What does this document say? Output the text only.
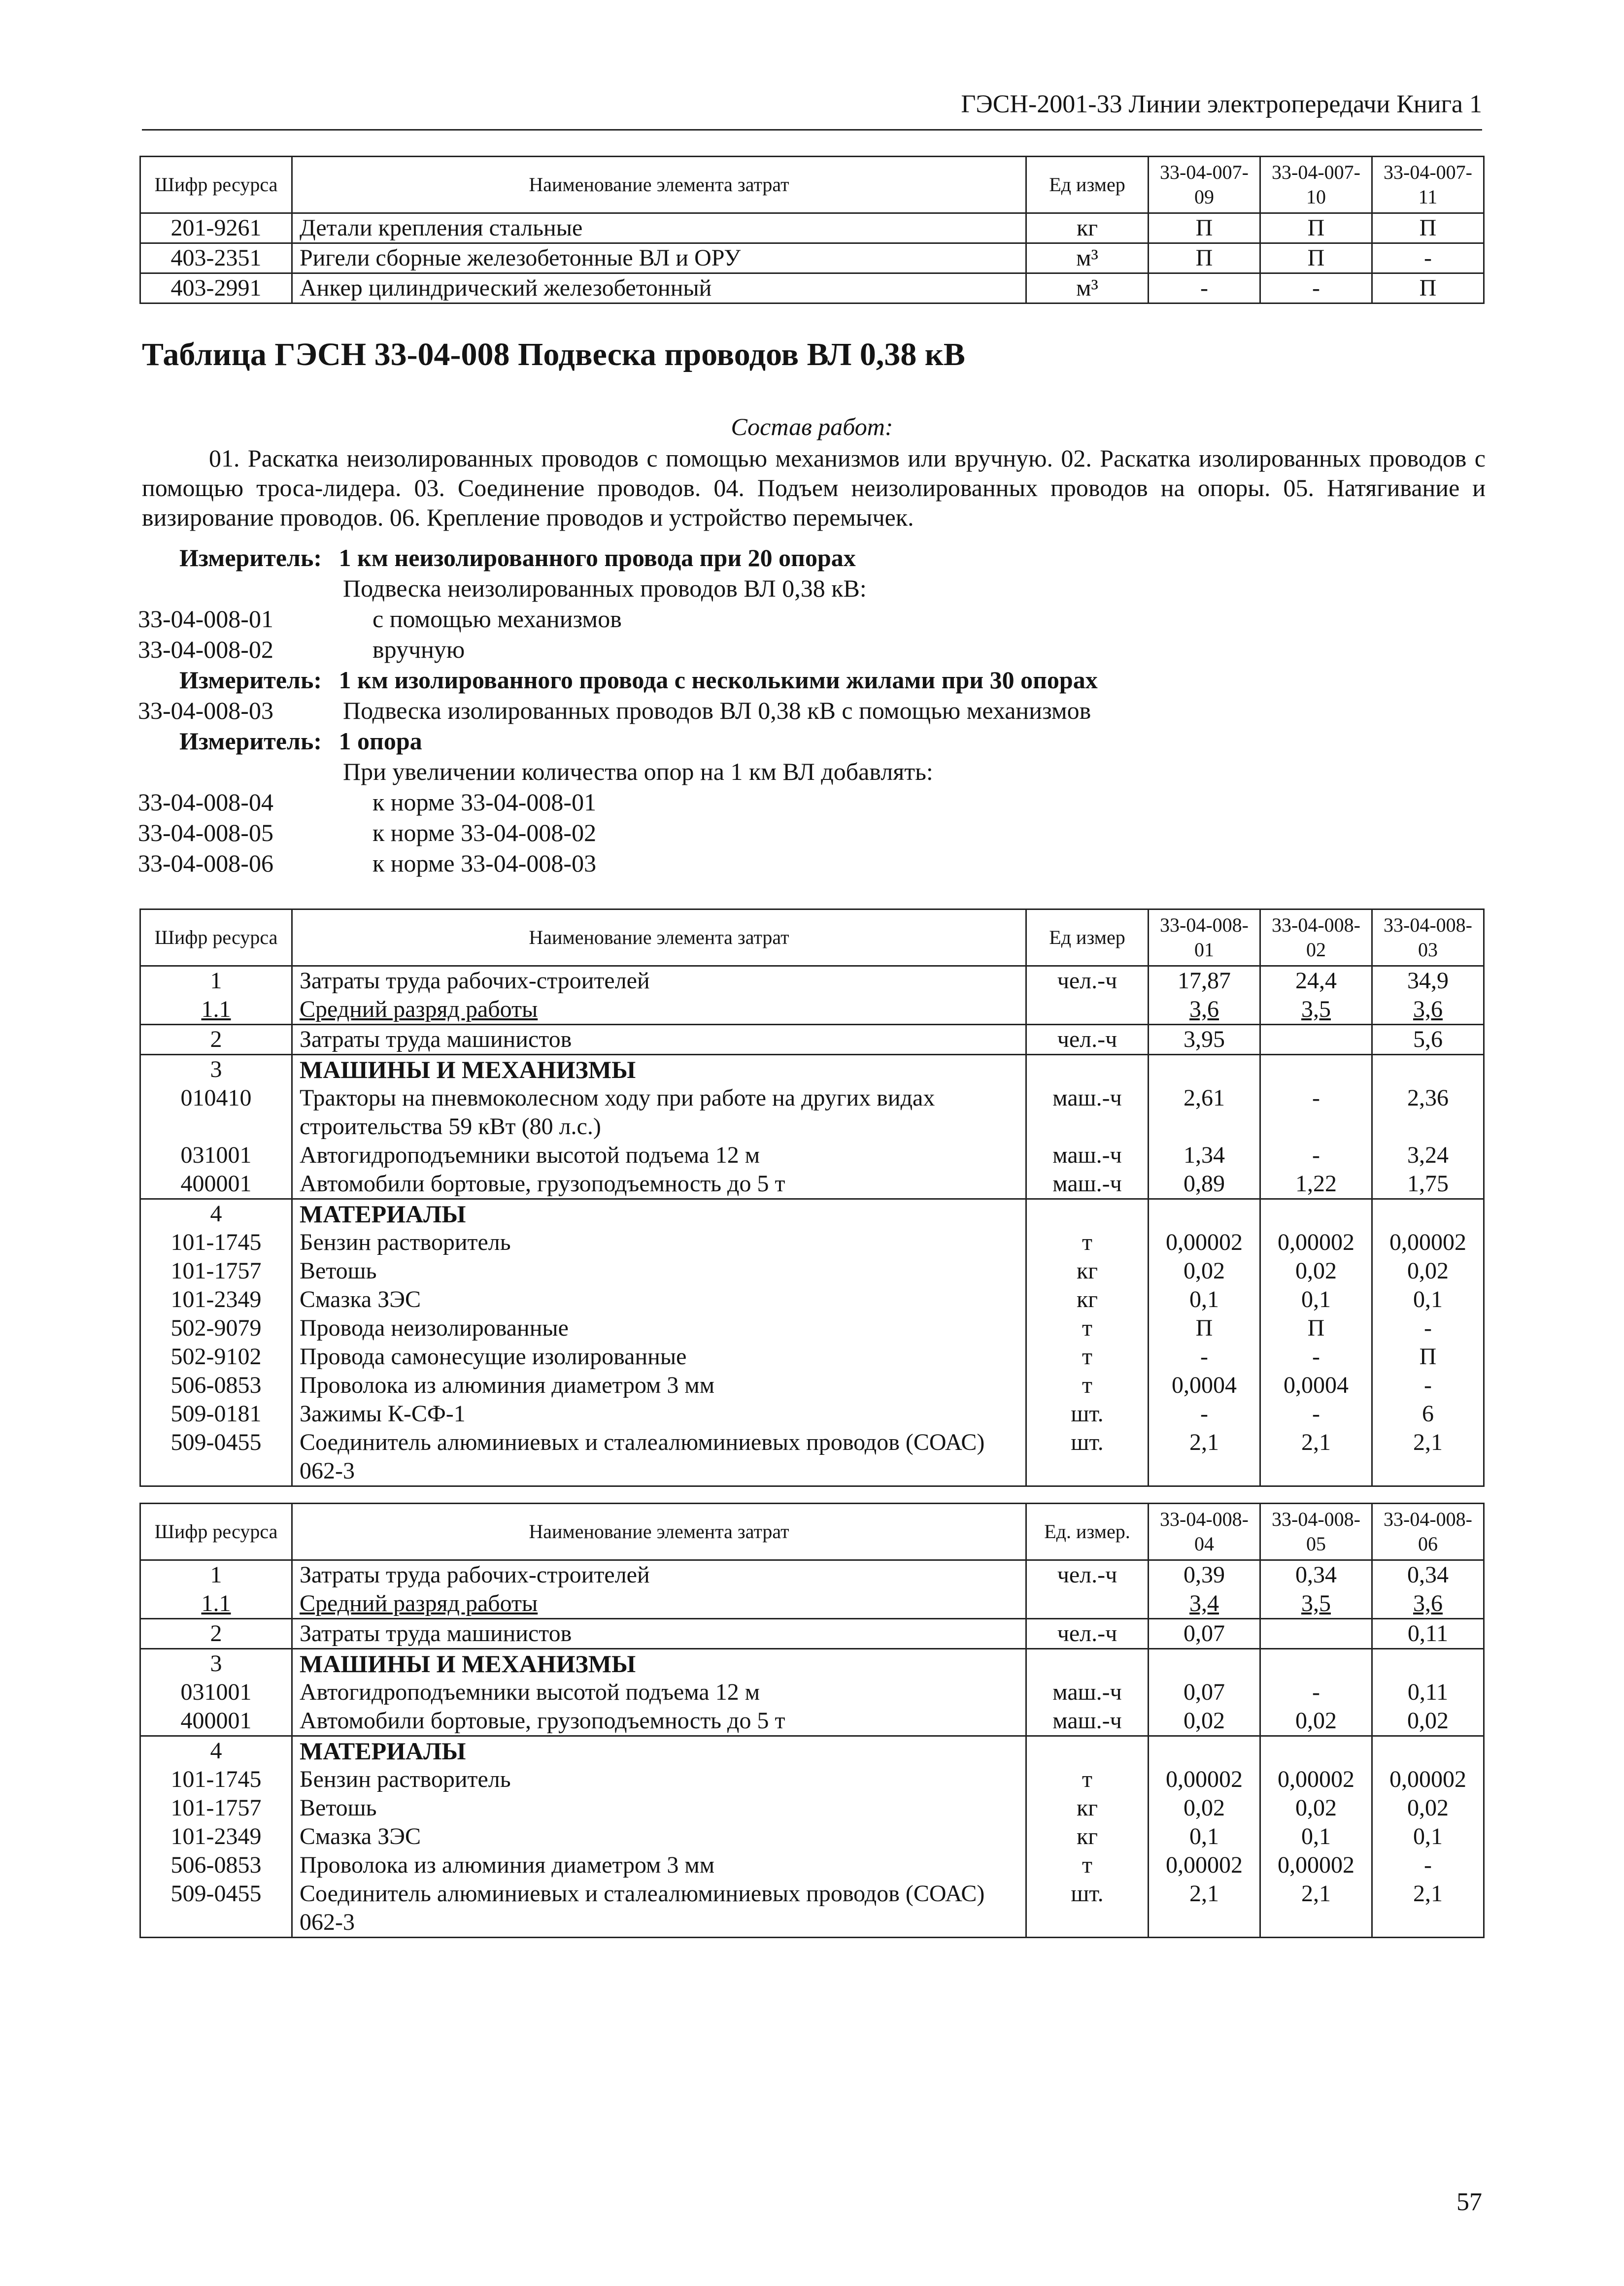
ГЭСН-2001-33 Линии электропередачи Книга 1
Шифр ресурса	Наименование элемента затрат	Ед измер	33-04-007-09	33-04-007-10	33-04-007-11
201-9261	Детали крепления стальные	кг	П	П	П
403-2351	Ригели сборные железобетонные ВЛ и ОРУ	м³	П	П	-
403-2991	Анкер цилиндрический железобетонный	м³	-	-	П
Таблица ГЭСН 33-04-008 Подвеска проводов ВЛ 0,38 кВ
Состав работ:

01. Раскатка неизолированных проводов с помощью механизмов или вручную. 02. Раскатка изолированных проводов с помощью троса-лидера. 03. Соединение проводов. 04. Подъем неизолированных проводов на опоры. 05. Натягивание и визирование проводов. 06. Крепление проводов и устройство перемычек.

Измеритель: 1 км неизолированного провода при 20 опорах
Подвеска неизолированных проводов ВЛ 0,38 кВ:
33-04-008-01	с помощью механизмов
33-04-008-02	вручную
Измеритель: 1 км изолированного провода с несколькими жилами при 30 опорах
33-04-008-03	Подвеска изолированных проводов ВЛ 0,38 кВ с помощью механизмов
Измеритель: 1 опора
При увеличении количества опор на 1 км ВЛ добавлять:
33-04-008-04	к норме 33-04-008-01
33-04-008-05	к норме 33-04-008-02
33-04-008-06	к норме 33-04-008-03
Шифр ресурса	Наименование элемента затрат	Ед измер	33-04-008-01	33-04-008-02	33-04-008-03
1	Затраты труда рабочих-строителей	чел.-ч	17,87	24,4	34,9
1.1	Средний разряд работы		3,6	3,5	3,6
2	Затраты труда машинистов	чел.-ч	3,95		5,6
3	МАШИНЫ И МЕХАНИЗМЫ				
010410	Тракторы на пневмоколесном ходу при работе на других видах строительства 59 кВт (80 л.с.)	маш.-ч	2,61	-	2,36
031001	Автогидроподъемники высотой подъема 12 м	маш.-ч	1,34	-	3,24
400001	Автомобили бортовые, грузоподъемность до 5 т	маш.-ч	0,89	1,22	1,75
4	МАТЕРИАЛЫ				
101-1745	Бензин растворитель	т	0,00002	0,00002	0,00002
101-1757	Ветошь	кг	0,02	0,02	0,02
101-2349	Смазка ЗЭС	кг	0,1	0,1	0,1
502-9079	Провода неизолированные	т	П	П	-
502-9102	Провода самонесущие изолированные	т	-	-	П
506-0853	Проволока из алюминия диаметром 3 мм	т	0,0004	0,0004	-
509-0181	Зажимы К-СФ-1	шт.	-	-	6
509-0455	Соединитель алюминиевых и сталеалюминиевых проводов (СОАС) 062-3	шт.	2,1	2,1	2,1
Шифр ресурса	Наименование элемента затрат	Ед. измер.	33-04-008-04	33-04-008-05	33-04-008-06
1	Затраты труда рабочих-строителей	чел.-ч	0,39	0,34	0,34
1.1	Средний разряд работы		3,4	3,5	3,6
2	Затраты труда машинистов	чел.-ч	0,07		0,11
3	МАШИНЫ И МЕХАНИЗМЫ				
031001	Автогидроподъемники высотой подъема 12 м	маш.-ч	0,07	-	0,11
400001	Автомобили бортовые, грузоподъемность до 5 т	маш.-ч	0,02	0,02	0,02
4	МАТЕРИАЛЫ				
101-1745	Бензин растворитель	т	0,00002	0,00002	0,00002
101-1757	Ветошь	кг	0,02	0,02	0,02
101-2349	Смазка ЗЭС	кг	0,1	0,1	0,1
506-0853	Проволока из алюминия диаметром 3 мм	т	0,00002	0,00002	-
509-0455	Соединитель алюминиевых и сталеалюминиевых проводов (СОАС) 062-3	шт.	2,1	2,1	2,1
57
